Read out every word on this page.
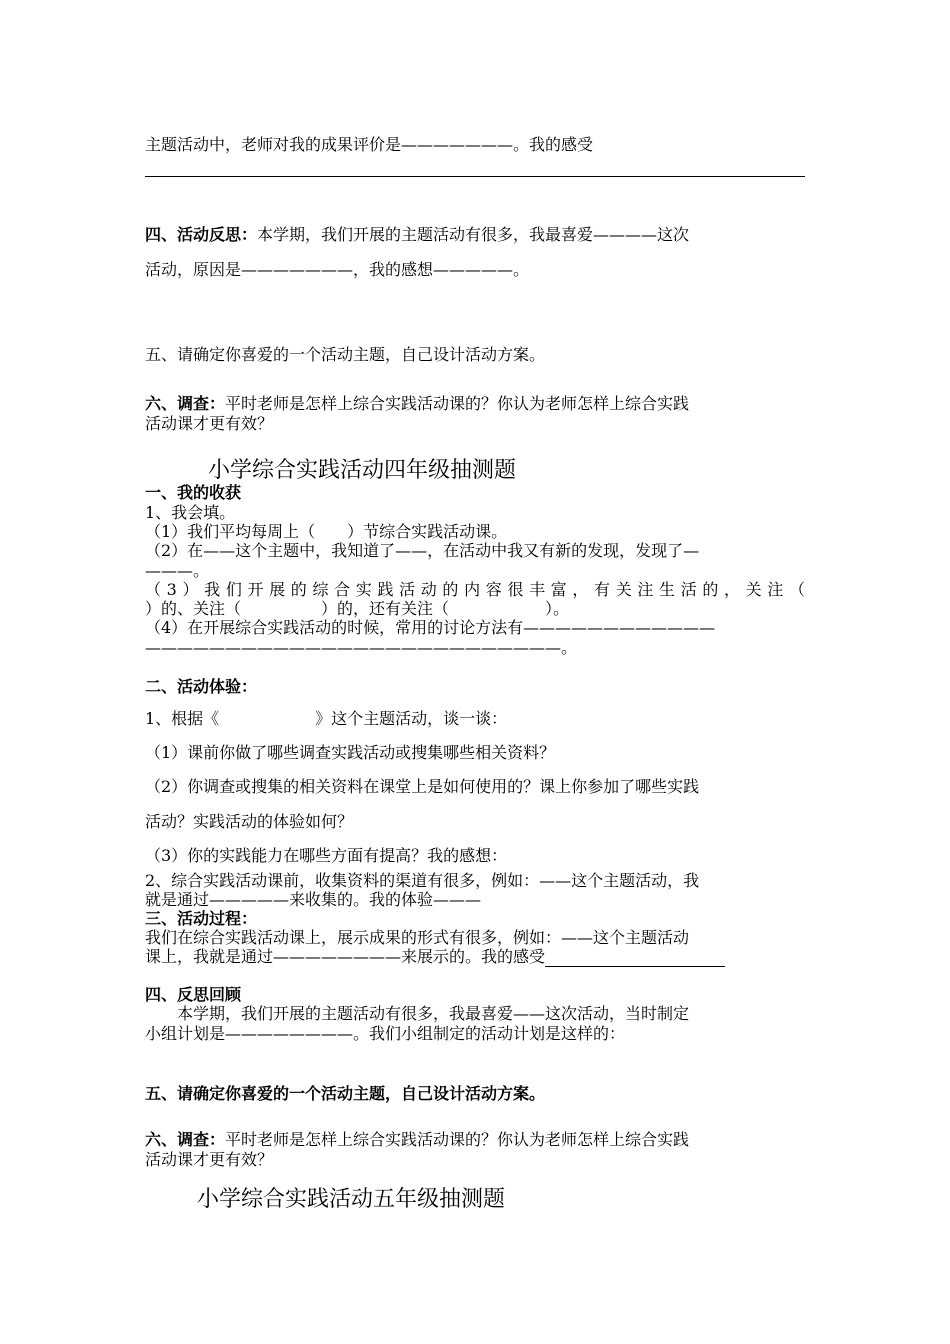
主题活动中，老师对我的成果评价是———————。我的感受
四、活动反思：本学期，我们开展的主题活动有很多，我最喜爱————这次
活动，原因是———————，我的感想—————。
五、请确定你喜爱的一个活动主题，自己设计活动方案。
六、调查：平时老师是怎样上综合实践活动课的？你认为老师怎样上综合实践
活动课才更有效？
小学综合实践活动四年级抽测题
一、我的收获
1、我会填。
（1）我们平均每周上（　　）节综合实践活动课。
（2）在——这个主题中，我知道了——，在活动中我又有新的发现，发现了—
———。
（3）我们开展的综合实践活动的内容很丰富，有关注生活的，关注（
）的、关注（　　　　　）的，还有关注（　　　　　　）。
（4）在开展综合实践活动的时候，常用的讨论方法有————————————
——————————————————————————。
二、活动体验：
1、根据《　　　　　　》这个主题活动，谈一谈：
（1）课前你做了哪些调查实践活动或搜集哪些相关资料？
（2）你调查或搜集的相关资料在课堂上是如何使用的？课上你参加了哪些实践
活动？实践活动的体验如何？
（3）你的实践能力在哪些方面有提高？我的感想：
2、综合实践活动课前，收集资料的渠道有很多，例如：——这个主题活动，我
就是通过—————来收集的。我的体验———
三、活动过程：
我们在综合实践活动课上，展示成果的形式有很多，例如：——这个主题活动
课上，我就是通过————————来展示的。我的感受
四、反思回顾
本学期，我们开展的主题活动有很多，我最喜爱——这次活动，当时制定
小组计划是————————。我们小组制定的活动计划是这样的：
五、请确定你喜爱的一个活动主题，自己设计活动方案。
六、调查：平时老师是怎样上综合实践活动课的？你认为老师怎样上综合实践
活动课才更有效？
小学综合实践活动五年级抽测题
